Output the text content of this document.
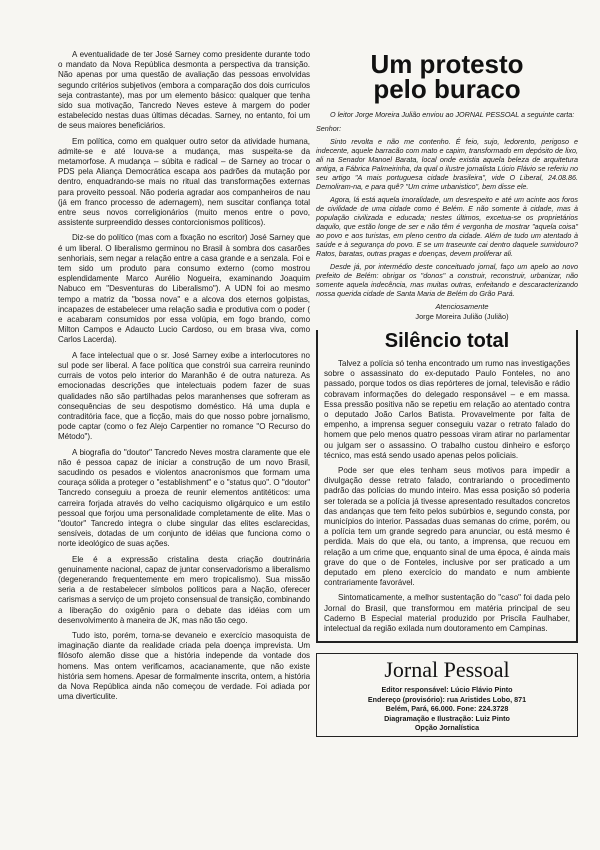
A eventualidade de ter José Sarney como presidente durante todo o mandato da Nova República desmonta a perspectiva da transição. Não apenas por uma questão de avaliação das pessoas envolvidas segundo critérios subjetivos (embora a comparação dos dois curriculos seja contrastante), mas por um elemento básico: qualquer que tenha sido sua motivação, Tancredo Neves esteve à margem do poder estabelecido nestas duas últimas décadas. Sarney, no entanto, foi um de seus maiores beneficiários.

Em política, como em qualquer outro setor da atividade humana, admite-se e até louva-se a mudança, mas suspeita-se da metamorfose. A mudança – súbita e radical – de Sarney ao trocar o PDS pela Aliança Democrática escapa aos padrões da mutação por dentro, enquadrando-se mais no ritual das transformações externas para proveito pessoal. Não poderia agradar aos companheiros de nau (já em franco processo de adernagem), nem suscitar confiança total entre seus novos correligionários (muito menos entre o povo, assistente surpreendido desses contorcionismos políticos).

Diz-se do político (mas com a fixação no escritor) José Sarney que é um liberal. O liberalismo germinou no Brasil à sombra dos casarões senhoriais, sem negar a relação entre a casa grande e a senzala. Foi e tem sido um produto para consumo externo (como mostrou esplendidamente Marco Aurélio Nogueira, examinando Joaquim Nabuco em "Desventuras do Liberalismo"). A UDN foi ao mesmo tempo a matriz da "bossa nova" e a alcova dos eternos golpistas, incapazes de estabelecer uma relação sadia e produtiva com o poder ( e acabaram consumidos por essa volúpia, em fogo brando, como Milton Campos e Adaucto Lucio Cardoso, ou em brasa viva, como Carlos Lacerda).

A face intelectual que o sr. José Sarney exibe a interlocutores no sul pode ser liberal. A face política que constrói sua carreira reunindo currais de votos pelo interior do Maranhão é de outra natureza. As emocionadas descrições que intelectuais podem fazer de suas qualidades não são partilhadas pelos maranhenses que sofreram as consequências de seu despotismo doméstico. Há uma dupla e contraditória face, que a ficção, mais do que nosso pobre jornalismo, pode captar (como o fez Alejo Carpentier no romance "O Recurso do Método").

A biografia do "doutor" Tancredo Neves mostra claramente que ele não é pessoa capaz de iniciar a construção de um novo Brasil, sacudindo os pesados e violentos anacronismos que formam uma couraça sólida a proteger o "establishment" e o "status quo". O "doutor" Tancredo conseguiu a proeza de reunir elementos antitéticos: uma carreira forjada através do velho caciquismo oligárquico e um estilo pessoal que forjou uma personalidade completamente de elite. Mas o "doutor" Tancredo integra o clube singular das elites esclarecidas, sensíveis, dotadas de um conjunto de idéias que funciona como o norte ideológico de suas ações.

Ele é a expressão cristalina desta criação doutrinária genuinamente nacional, capaz de juntar conservadorismo a liberalismo (degenerando frequentemente em mero tropicalismo). Sua missão seria a de restabelecer símbolos políticos para a Nação, oferecer carismas a serviço de um projeto consensual de transição, combinando a liberação do oxigênio para o debate das idéias com um desenvolvimento à maneira de JK, mas não tão cego.

Tudo isto, porém, torna-se devaneio e exercício masoquista de imaginação diante da realidade criada pela doença imprevista. Um filósofo alemão disse que a história independe da vontade dos homens. Mas ontem verificamos, acacianamente, que não existe história sem homens. Apesar de formalmente inscrita, ontem, a história da Nova República ainda não começou de verdade. Foi adiada por uma diverticulite.

Um protesto
pelo buraco

O leitor Jorge Moreira Julião enviou ao JORNAL PESSOAL a seguinte carta:

Senhor:

Sinto revolta e não me contenho. É feio, sujo, ledorento, perigoso e indecente, aquele barracão com mato e capim, transformado em depósito de lixo, ali na Senador Manoel Barata, local onde existia aquela beleza de arquitetura antiga, a Fábrica Palmeirinha, da qual o ilustre jornalista Lúcio Flávio se referiu no seu artigo "A mais portuguesa cidade brasileira", vide O Liberal, 24.08.86. Demoliram-na, e para quê? "Um crime urbanistico", bem disse ele.

Agora, lá está aquela imoralidade, um desrespeito e até um acinte aos foros de civilidade de uma cidade como é Belém. E não somente à cidade, mas à população civilizada e educada; nestes últimos, excetua-se os proprietários daquilo, que estão longe de ser e não têm é vergonha de mostrar "aquela coisa" ao povo e aos turistas, em pleno centro da cidade. Além de tudo um atentado à saúde e à segurança do povo. E se um traseunte cai dentro daquele sumidouro? Ratos, baratas, outras pragas e doenças, devem proliferar ali.

Desde já, por intermédio deste conceituado jornal, faço um apelo ao novo prefeito de Belém: obrigar os "donos" a construir, reconstruir, urbanizar, não somente aquela indecência, mas muitas outras, enfeitando e descaracterizando nossa querida cidade de Santa Maria de Belém do Grão Pará.

Atenciosamente
Jorge Moreira Julião (Julião)
Silêncio total

Talvez a polícia só tenha encontrado um rumo nas investigações sobre o assassinato do ex-deputado Paulo Fonteles, no ano passado, porque todos os dias repórteres de jornal, televisão e rádio cobravam informações do delegado responsável – e em massa. Essa pressão positiva não se repetiu em relação ao atentado contra o deputado João Carlos Batista. Provavelmente por falta de empenho, a imprensa seguer conseguiu vazar o retrato falado do homem que pelo menos quatro pessoas viram atirar no parlamentar ou julgam ser o assassino. O trabalho custou dinheiro e esforço técnico, mas está sendo usado apenas pelos policiais.

Pode ser que eles tenham seus motivos para impedir a divulgação desse retrato falado, contrariando o procedimento padrão das polícias do mundo inteiro. Mas essa posição só poderia ser tolerada se a polícia já tivesse apresentado resultados concretos das andanças que tem feito pelos subúrbios e, segundo consta, por municípios do interior. Passadas duas semanas do crime, porém, ou a polícia tem um grande segredo para anunciar, ou está mesmo é perdida. Mais do que ela, ou tanto, a imprensa, que recuou em relação a um crime que, enquanto sinal de uma época, é ainda mais grave do que o de Fonteles, inclusive por ser praticado a um deputado em pleno exercício do mandato e num ambiente contrariamente favorável.

Sintomaticamente, a melhor sustentação do "caso" foi dada pelo Jornal do Brasil, que transformou em matéria principal de seu Caderno B Especial material produzido por Priscila Faulhaber, intelectual da região exilada num doutoramento em Campinas.

Jornal Pessoal

Editor responsável: Lúcio Flávio Pinto

Endereço (provisório): rua Aristides Lobo, 871

Belém, Pará, 66.000. Fone: 224.3728

Diagramação e Ilustração: Luiz Pinto

Opção Jornalística
